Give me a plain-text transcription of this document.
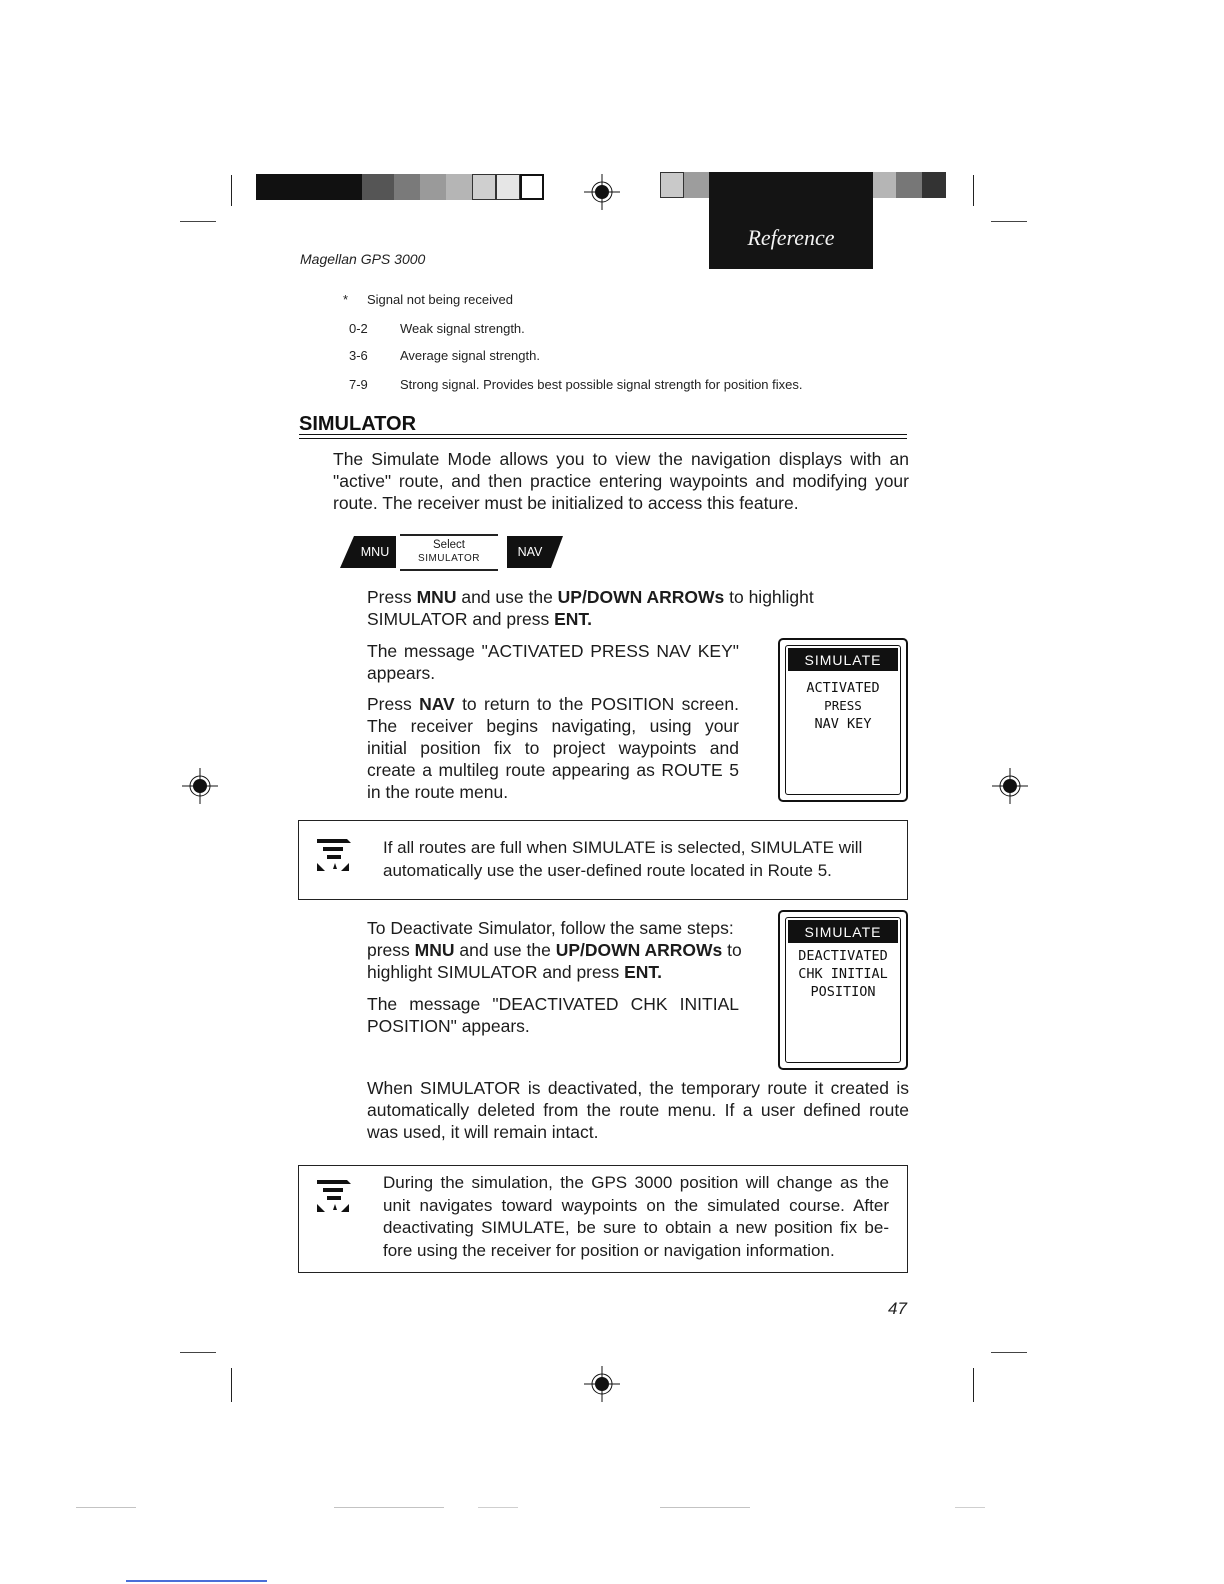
Reference
Magellan GPS 3000
* Signal not being received
0-2 Weak signal strength.
3-6 Average signal strength.
7-9 Strong signal. Provides best possible signal strength for position fixes.
SIMULATOR
The Simulate Mode allows you to view the navigation displays with an "active" route, and then practice entering waypoints and modifying your route. The receiver must be initialized to access this feature.
MNU	Select
SIMULATOR	NAV
Press MNU and use the UP/DOWN ARROWs to highlight SIMULATOR and press ENT.
The message "ACTIVATED PRESS NAV KEY" appears.
Press NAV to return to the POSITION screen. The receiver begins navigating, using your initial position fix to project waypoints and create a multileg route appearing as ROUTE 5 in the route menu.
SIMULATE
ACTIVATED
PRESS
NAV KEY
If all routes are full when SIMULATE is selected, SIMULATE will automatically use the user-defined route located in Route 5.
To Deactivate Simulator, follow the same steps: press MNU and use the UP/DOWN ARROWs to highlight SIMULATOR and press ENT.
The message "DEACTIVATED CHK INITIAL POSITION" appears.
SIMULATE
DEACTIVATED
CHK INITIAL
POSITION
When SIMULATOR is deactivated, the temporary route it created is automatically deleted from the route menu. If a user defined route was used, it will remain intact.
During the simulation, the GPS 3000 position will change as the unit navigates toward waypoints on the simulated course. After deactivating SIMULATE, be sure to obtain a new position fix be-fore using the receiver for position or navigation information.
47
